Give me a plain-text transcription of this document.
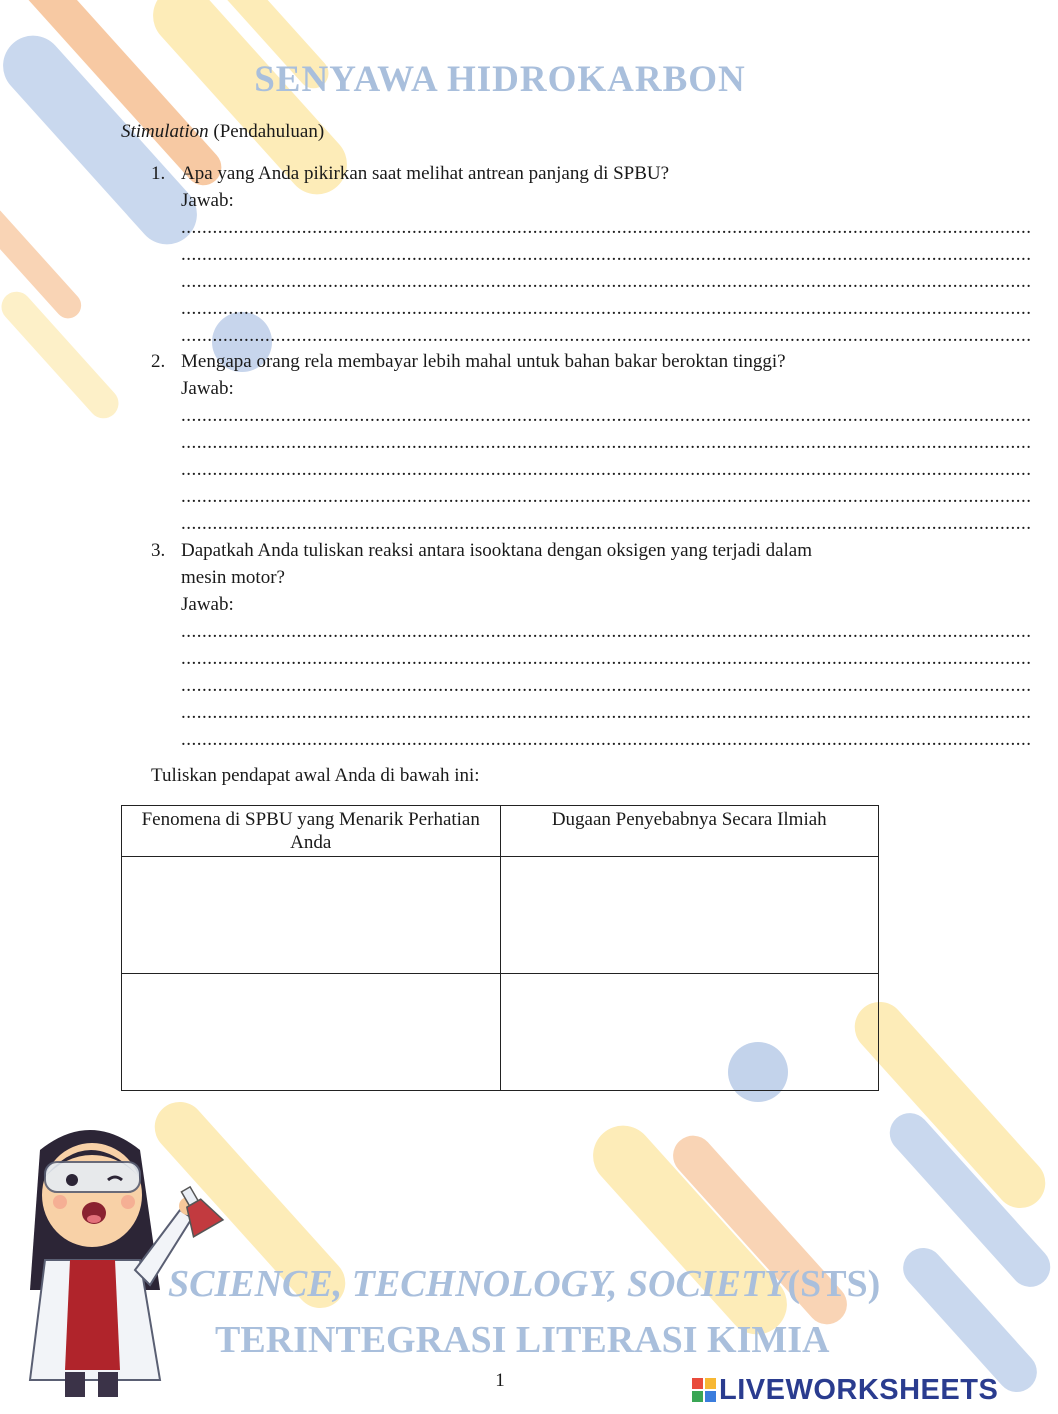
SENYAWA HIDROKARBON
Stimulation (Pendahuluan)
1. Apa yang Anda pikirkan saat melihat antrean panjang di SPBU?
Jawab:
..................................................................................................................................................................
..................................................................................................................................................................
..................................................................................................................................................................
..................................................................................................................................................................
..................................................................................................................................................................
2. Mengapa orang rela membayar lebih mahal untuk bahan bakar beroktan tinggi?
Jawab:
..................................................................................................................................................................
..................................................................................................................................................................
..................................................................................................................................................................
..................................................................................................................................................................
..................................................................................................................................................................
3. Dapatkah Anda tuliskan reaksi antara isooktana dengan oksigen yang terjadi dalam mesin motor?
Jawab:
..................................................................................................................................................................
..................................................................................................................................................................
..................................................................................................................................................................
..................................................................................................................................................................
..................................................................................................................................................................
Tuliskan pendapat awal Anda di bawah ini:
Fenomena di SPBU yang Menarik Perhatian Anda	Dugaan Penyebabnya Secara Ilmiah

SCIENCE, TECHNOLOGY, SOCIETY(STS)
TERINTEGRASI LITERASI KIMIA
1	LIVEWORKSHEETS
